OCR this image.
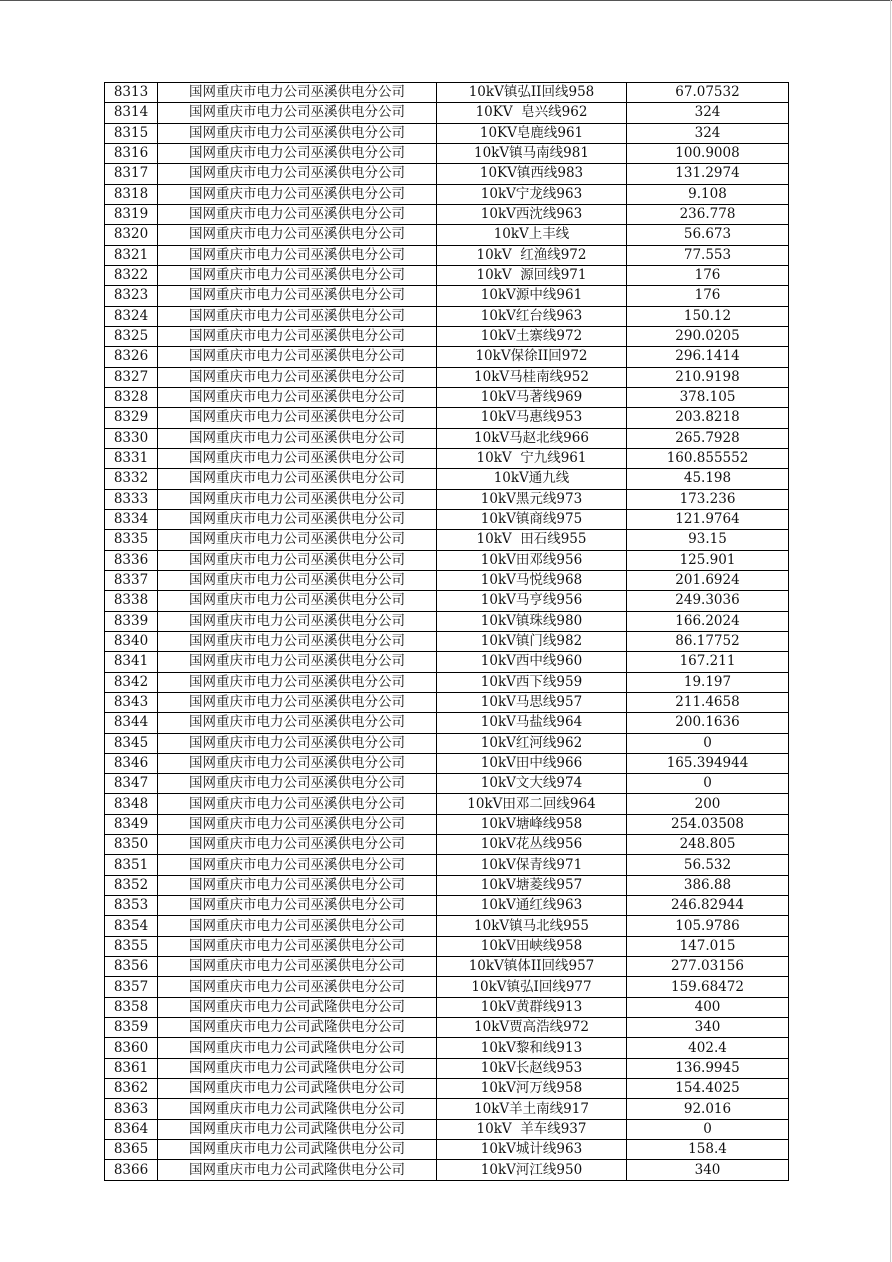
8313	国网重庆市电力公司巫溪供电分公司	10kV镇弘II回线958	67.07532
8314	国网重庆市电力公司巫溪供电分公司	10KV  皂兴线962	324
8315	国网重庆市电力公司巫溪供电分公司	10KV皂鹿线961	324
8316	国网重庆市电力公司巫溪供电分公司	10kV镇马南线981	100.9008
8317	国网重庆市电力公司巫溪供电分公司	10KV镇西线983	131.2974
8318	国网重庆市电力公司巫溪供电分公司	10kV宁龙线963	9.108
8319	国网重庆市电力公司巫溪供电分公司	10kV西沈线963	236.778
8320	国网重庆市电力公司巫溪供电分公司	10kV上丰线	56.673
8321	国网重庆市电力公司巫溪供电分公司	10kV  红渔线972	77.553
8322	国网重庆市电力公司巫溪供电分公司	10kV  源回线971	176
8323	国网重庆市电力公司巫溪供电分公司	10kV源中线961	176
8324	国网重庆市电力公司巫溪供电分公司	10kV红台线963	150.12
8325	国网重庆市电力公司巫溪供电分公司	10kV土寨线972	290.0205
8326	国网重庆市电力公司巫溪供电分公司	10kV保徐II回972	296.1414
8327	国网重庆市电力公司巫溪供电分公司	10kV马桂南线952	210.9198
8328	国网重庆市电力公司巫溪供电分公司	10kV马著线969	378.105
8329	国网重庆市电力公司巫溪供电分公司	10kV马惠线953	203.8218
8330	国网重庆市电力公司巫溪供电分公司	10kV马赵北线966	265.7928
8331	国网重庆市电力公司巫溪供电分公司	10kV  宁九线961	160.855552
8332	国网重庆市电力公司巫溪供电分公司	10kV通九线	45.198
8333	国网重庆市电力公司巫溪供电分公司	10kV黑元线973	173.236
8334	国网重庆市电力公司巫溪供电分公司	10kV镇商线975	121.9764
8335	国网重庆市电力公司巫溪供电分公司	10kV  田石线955	93.15
8336	国网重庆市电力公司巫溪供电分公司	10kV田邓线956	125.901
8337	国网重庆市电力公司巫溪供电分公司	10kV马悦线968	201.6924
8338	国网重庆市电力公司巫溪供电分公司	10kV马亨线956	249.3036
8339	国网重庆市电力公司巫溪供电分公司	10kV镇珠线980	166.2024
8340	国网重庆市电力公司巫溪供电分公司	10kV镇门线982	86.17752
8341	国网重庆市电力公司巫溪供电分公司	10kV西中线960	167.211
8342	国网重庆市电力公司巫溪供电分公司	10kV西下线959	19.197
8343	国网重庆市电力公司巫溪供电分公司	10kV马思线957	211.4658
8344	国网重庆市电力公司巫溪供电分公司	10kV马盐线964	200.1636
8345	国网重庆市电力公司巫溪供电分公司	10kV红河线962	0
8346	国网重庆市电力公司巫溪供电分公司	10kV田中线966	165.394944
8347	国网重庆市电力公司巫溪供电分公司	10kV文大线974	0
8348	国网重庆市电力公司巫溪供电分公司	10kV田邓二回线964	200
8349	国网重庆市电力公司巫溪供电分公司	10kV塘峰线958	254.03508
8350	国网重庆市电力公司巫溪供电分公司	10kV花丛线956	248.805
8351	国网重庆市电力公司巫溪供电分公司	10kV保青线971	56.532
8352	国网重庆市电力公司巫溪供电分公司	10kV塘菱线957	386.88
8353	国网重庆市电力公司巫溪供电分公司	10kV通红线963	246.82944
8354	国网重庆市电力公司巫溪供电分公司	10kV镇马北线955	105.9786
8355	国网重庆市电力公司巫溪供电分公司	10kV田峡线958	147.015
8356	国网重庆市电力公司巫溪供电分公司	10kV镇体II回线957	277.03156
8357	国网重庆市电力公司巫溪供电分公司	10kV镇弘I回线977	159.68472
8358	国网重庆市电力公司武隆供电分公司	10kV黄群线913	400
8359	国网重庆市电力公司武隆供电分公司	10kV贾高浩线972	340
8360	国网重庆市电力公司武隆供电分公司	10kV黎和线913	402.4
8361	国网重庆市电力公司武隆供电分公司	10kV长赵线953	136.9945
8362	国网重庆市电力公司武隆供电分公司	10kV河万线958	154.4025
8363	国网重庆市电力公司武隆供电分公司	10kV羊土南线917	92.016
8364	国网重庆市电力公司武隆供电分公司	10kV  羊车线937	0
8365	国网重庆市电力公司武隆供电分公司	10kV城计线963	158.4
8366	国网重庆市电力公司武隆供电分公司	10kV河江线950	340
